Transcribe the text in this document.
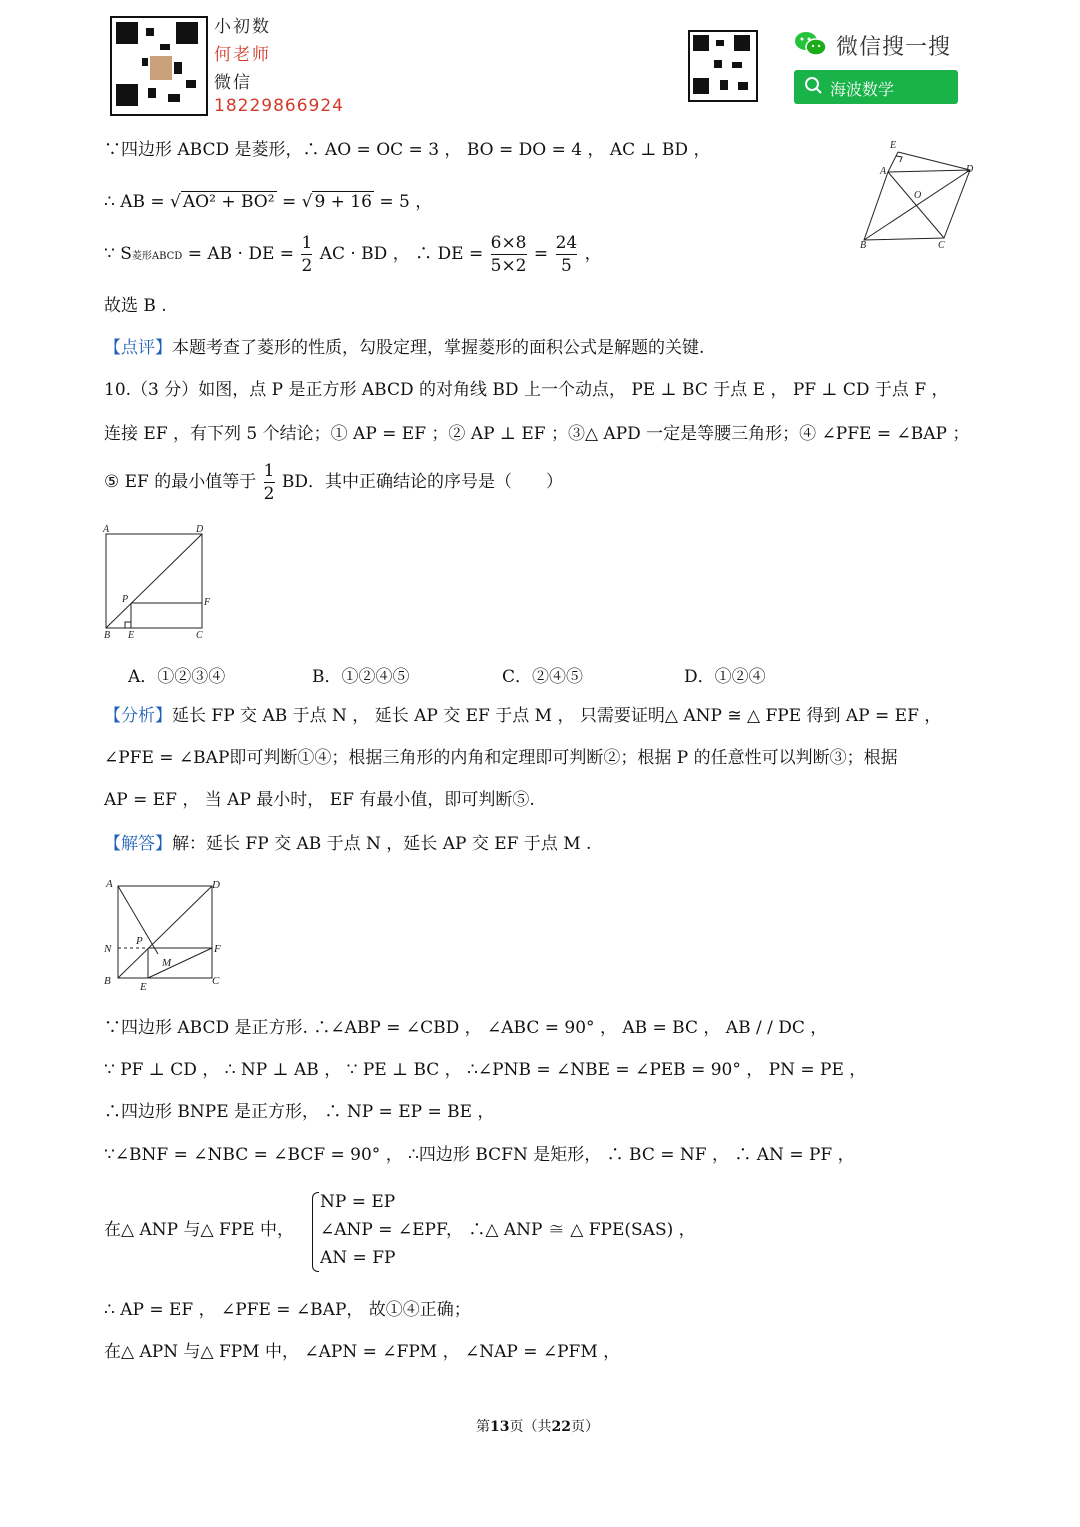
小初数
何老师
微信
18229866924
微信搜一搜
海波数学
E
A	D
O
B	C
∵四边形 ABCD 是菱形，∴ AO = OC = 3 ， BO = DO = 4 ， AC ⊥ BD ，
∴ AB = √ AO² + BO² = √ 9 + 16 = 5 ，
∵ S菱形ABCD = AB · DE = $\frac{1}{2}$ AC · BD ， ∴ DE = $\frac{6\times 8}{5\times 2} = \frac{24}{5}$ ，
故选 B .
【点评】本题考查了菱形的性质，勾股定理，掌握菱形的面积公式是解题的关键.
10.（3 分）如图，点 P 是正方形 ABCD 的对角线 BD 上一个动点， PE ⊥ BC 于点 E ， PF ⊥ CD 于点 F ，
连接 EF ，有下列 5 个结论；① AP = EF ；② AP ⊥ EF ；③△ APD 一定是等腰三角形；④ ∠PFE = ∠BAP ；
⑤ EF 的最小值等于 $\frac{1}{2}$ BD．其中正确结论的序号是（　　）
A	D
P	F
B E	C
A．①②③④	B．①②④⑤	C．②④⑤	D．①②④
【分析】延长 FP 交 AB 于点 N ， 延长 AP 交 EF 于点 M ， 只需要证明△ ANP ≅ △ FPE 得到 AP = EF ，
∠PFE = ∠BAP即可判断①④；根据三角形的内角和定理即可判断②；根据 P 的任意性可以判断③；根据
AP = EF ， 当 AP 最小时， EF 有最小值，即可判断⑤.
【解答】解：延长 FP 交 AB 于点 N ，延长 AP 交 EF 于点 M .
A	D
N
P
F
M
B	E	C
∵四边形 ABCD 是正方形. ∴∠ABP = ∠CBD ， ∠ABC = 90° ， AB = BC ， AB / / DC ，
∵ PF ⊥ CD ， ∴ NP ⊥ AB ， ∵ PE ⊥ BC ， ∴∠PNB = ∠NBE = ∠PEB = 90° ， PN = PE ，
∴四边形 BNPE 是正方形， ∴ NP = EP = BE ，
∵∠BNF = ∠NBC = ∠BCF = 90° ， ∴四边形 BCFN 是矩形， ∴ BC = NF ， ∴ AN = PF ，
在△ ANP 与△ FPE 中，
NP = EP
∠ANP = ∠EPF
AN = FP
， ∴△ ANP ≅ △ FPE(SAS) ，
∴ AP = EF ， ∠PFE = ∠BAP， 故①④正确；
在△ APN 与△ FPM 中， ∠APN = ∠FPM ， ∠NAP = ∠PFM ，
第13页（共22页）
